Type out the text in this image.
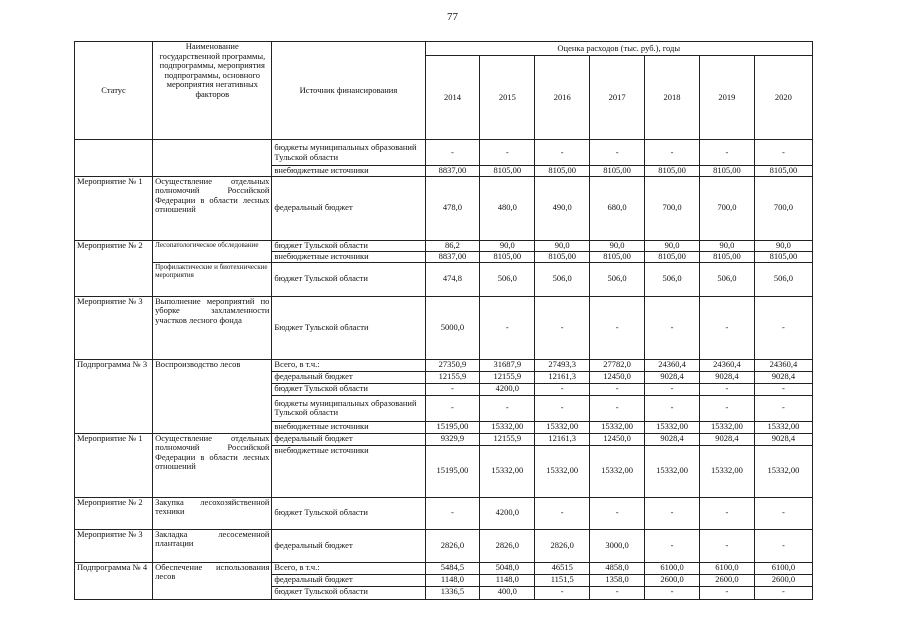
77
Статус	Наименование государственной программы, подпрограммы, мероприятия подпрограммы, основного мероприятия негативных факторов	Источник финансирования	Оценка расходов (тыс. руб.), годы						
			2014	2015	2016	2017	2018	2019	2020
		бюджеты муниципальных образований Тульской области	-	-	-	-	-	-	-
		внебюджетные источники	8837,00	8105,00	8105,00	8105,00	8105,00	8105,00	8105,00
Мероприятие № 1	Осуществление отдельных полномочий Российской Федерации в области лесных отношений	федеральный бюджет	478,0	480,0	490,0	680,0	700,0	700,0	700,0
Мероприятие № 2	Лесопатологическое обследование	бюджет Тульской области	86,2	90,0	90,0	90,0	90,0	90,0	90,0
		внебюджетные источники	8837,00	8105,00	8105,00	8105,00	8105,00	8105,00	8105,00
	Профилактические и биотехнические мероприятия	бюджет Тульской области	474,8	506,0	506,0	506,0	506,0	506,0	506,0
Мероприятие № 3	Выполнение мероприятий по уборке захламленности участков лесного фонда	Бюджет Тульской области	5000,0	-	-	-	-	-	-
Подпрограмма № 3	Воспроизводство лесов	Всего, в т.ч.:	27350,9	31687,9	27493,3	27782,0	24360,4	24360,4	24360,4
		федеральный бюджет	12155,9	12155,9	12161,3	12450,0	9028,4	9028,4	9028,4
		бюджет Тульской области	-	4200,0	-	-	-	-	-
		бюджеты муниципальных образований Тульской области	-	-	-	-	-	-	-
		внебюджетные источники	15195,00	15332,00	15332,00	15332,00	15332,00	15332,00	15332,00
Мероприятие № 1	Осуществление отдельных полномочий Российской Федерации в области лесных отношений	федеральный бюджет	9329,9	12155,9	12161,3	12450,0	9028,4	9028,4	9028,4
		внебюджетные источники	15195,00	15332,00	15332,00	15332,00	15332,00	15332,00	15332,00
Мероприятие № 2	Закупка лесохозяйственной техники	бюджет Тульской области	-	4200,0	-	-	-	-	-
Мероприятие № 3	Закладка лесосеменной плантации	федеральный бюджет	2826,0	2826,0	2826,0	3000,0	-	-	-
Подпрограмма № 4	Обеспечение использования лесов	Всего, в т.ч.:	5484,5	5048,0	46515	4858,0	6100,0	6100,0	6100,0
		федеральный бюджет	1148,0	1148,0	1151,5	1358,0	2600,0	2600,0	2600,0
		бюджет Тульской области	1336,5	400,0	-	-	-	-	-
